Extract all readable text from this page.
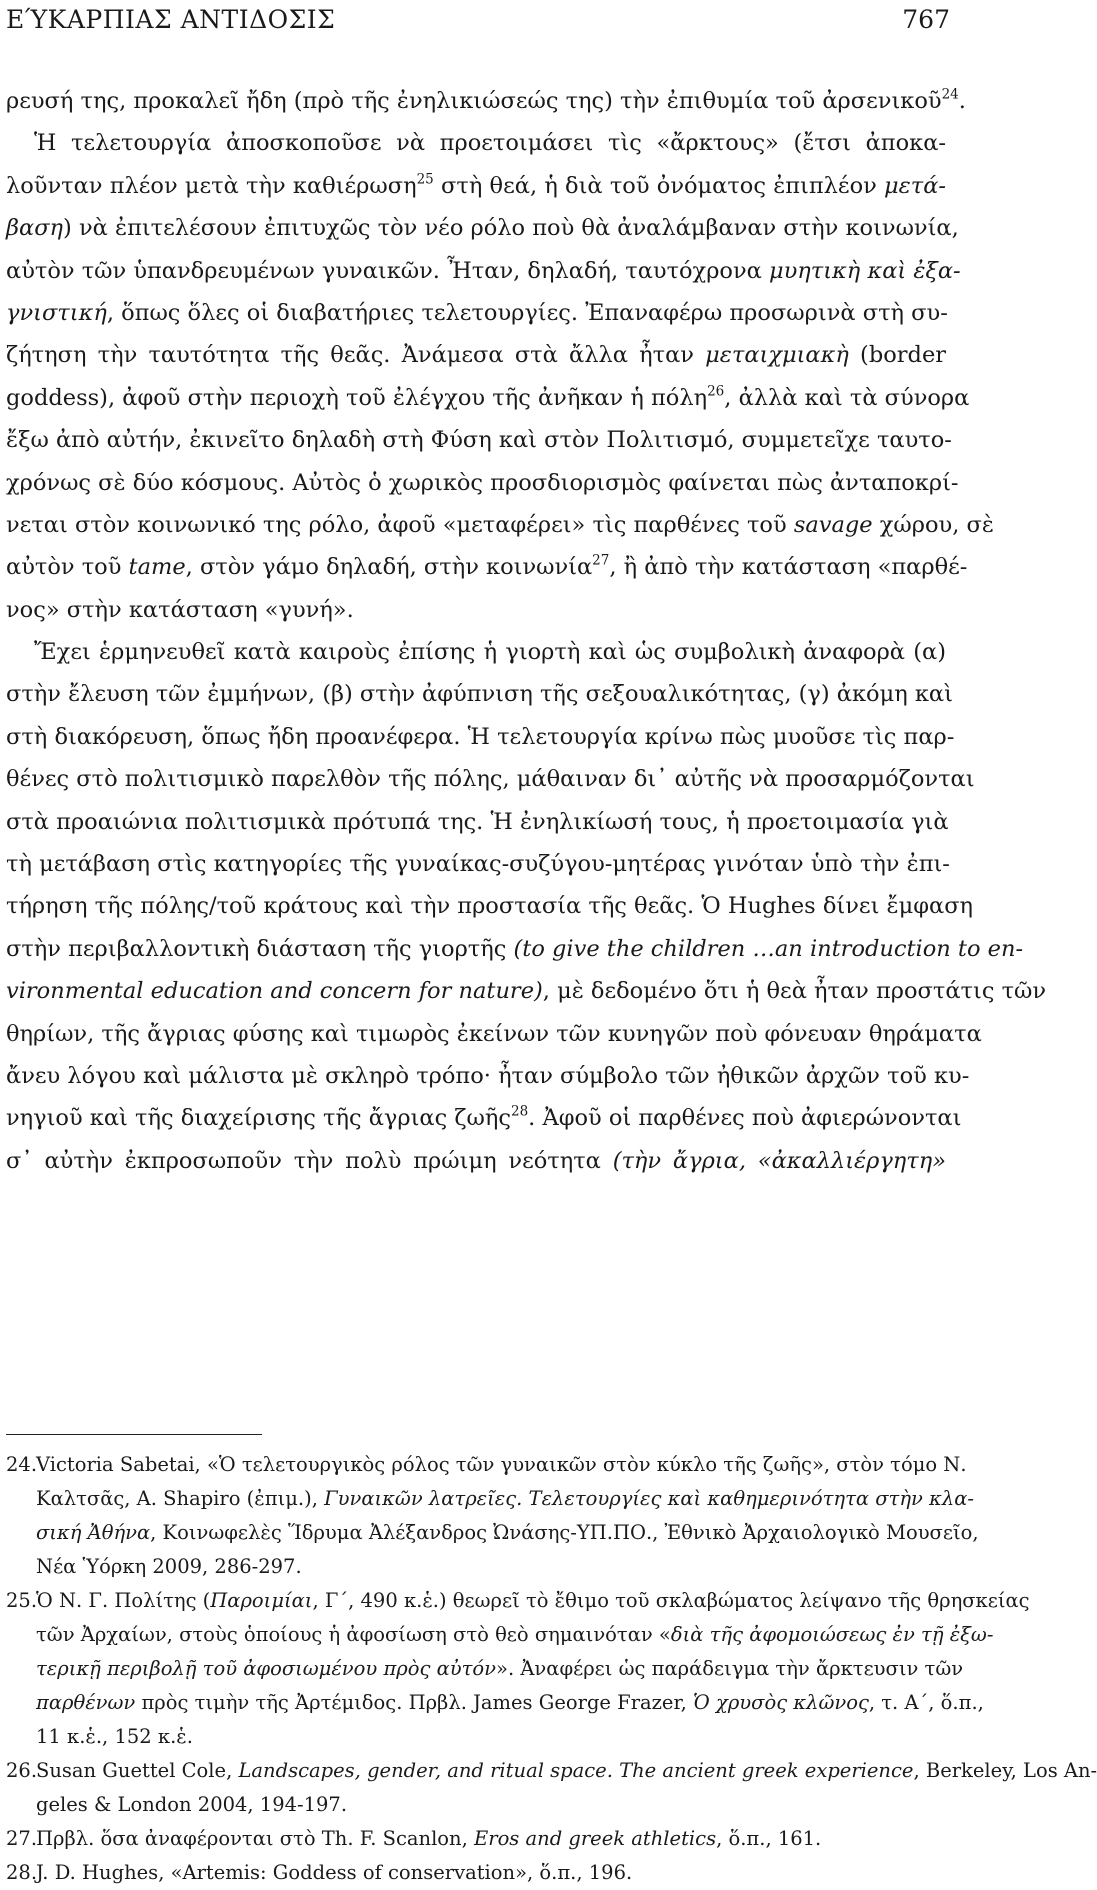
ΕΎΚΑΡΠΙΑΣ ΑΝΤΙΔΟΣΙΣ	767
ρευσή της, προκαλεῖ ἤδη (πρὸ τῆς ἐνηλικιώσεώς της) τὴν ἐπιθυμία τοῦ ἀρσενικοῦ$^{24}$.
Ἡ τελετουργία ἀποσκοποῦσε νὰ προετοιμάσει τὶς «ἄρκτους» (ἔτσι ἀποκα-
λοῦνταν πλέον μετὰ τὴν καθιέρωση$^{25}$ στὴ θεά, ἡ διὰ τοῦ ὀνόματος ἐπιπλέον μετά-
βαση) νὰ ἐπιτελέσουν ἐπιτυχῶς τὸν νέο ρόλο ποὺ θὰ ἀναλάμβαναν στὴν κοινωνία,
αὐτὸν τῶν ὑπανδρευμένων γυναικῶν. Ἦταν, δηλαδή, ταυτόχρονα μυητικὴ καὶ ἐξα-
γνιστική, ὅπως ὅλες οἱ διαβατήριες τελετουργίες. Ἐπαναφέρω προσωρινὰ στὴ συ-
ζήτηση τὴν ταυτότητα τῆς θεᾶς. Ἀνάμεσα στὰ ἄλλα ἦταν μεταιχμιακὴ (border
goddess), ἀφοῦ στὴν περιοχὴ τοῦ ἐλέγχου τῆς ἀνῆκαν ἡ πόλη$^{26}$, ἀλλὰ καὶ τὰ σύνορα
ἔξω ἀπὸ αὐτήν, ἐκινεῖτο δηλαδὴ στὴ Φύση καὶ στὸν Πολιτισμό, συμμετεῖχε ταυτο-
χρόνως σὲ δύο κόσμους. Αὐτὸς ὁ χωρικὸς προσδιορισμὸς φαίνεται πὼς ἀνταποκρί-
νεται στὸν κοινωνικό της ρόλο, ἀφοῦ «μεταφέρει» τὶς παρθένες τοῦ savage χώρου, σὲ
αὐτὸν τοῦ tame, στὸν γάμο δηλαδή, στὴν κοινωνία$^{27}$, ἢ ἀπὸ τὴν κατάσταση «παρθέ-
νος» στὴν κατάσταση «γυνή».
Ἔχει ἑρμηνευθεῖ κατὰ καιροὺς ἐπίσης ἡ γιορτὴ καὶ ὡς συμβολικὴ ἀναφορὰ (α)
στὴν ἔλευση τῶν ἐμμήνων, (β) στὴν ἀφύπνιση τῆς σεξουαλικότητας, (γ) ἀκόμη καὶ
στὴ διακόρευση, ὅπως ἤδη προανέφερα. Ἡ τελετουργία κρίνω πὼς μυοῦσε τὶς παρ-
θένες στὸ πολιτισμικὸ παρελθὸν τῆς πόλης, μάθαιναν δι᾽ αὐτῆς νὰ προσαρμόζονται
στὰ προαιώνια πολιτισμικὰ πρότυπά της. Ἡ ἐνηλικίωσή τους, ἡ προετοιμασία γιὰ
τὴ μετάβαση στὶς κατηγορίες τῆς γυναίκας-συζύγου-μητέρας γινόταν ὑπὸ τὴν ἐπι-
τήρηση τῆς πόλης/τοῦ κράτους καὶ τὴν προστασία τῆς θεᾶς. Ὁ Hughes δίνει ἔμφαση
στὴν περιβαλλοντικὴ διάσταση τῆς γιορτῆς (to give the children …an introduction to en-
vironmental education and concern for nature), μὲ δεδομένο ὅτι ἡ θεὰ ἦταν προστάτις τῶν
θηρίων, τῆς ἄγριας φύσης καὶ τιμωρὸς ἐκείνων τῶν κυνηγῶν ποὺ φόνευαν θηράματα
ἄνευ λόγου καὶ μάλιστα μὲ σκληρὸ τρόπο· ἦταν σύμβολο τῶν ἠθικῶν ἀρχῶν τοῦ κυ-
νηγιοῦ καὶ τῆς διαχείρισης τῆς ἄγριας ζωῆς$^{28}$. Ἀφοῦ οἱ παρθένες ποὺ ἀφιερώνονται
σ᾽ αὐτὴν ἐκπροσωποῦν τὴν πολὺ πρώιμη νεότητα (τὴν ἄγρια, «ἀκαλλιέργητη»
24.
Victoria Sabetai, «Ὁ τελετουργικὸς ρόλος τῶν γυναικῶν στὸν κύκλο τῆς ζωῆς», στὸν τόμο Ν.
Καλτσᾶς, A. Shapiro (ἐπιμ.), Γυναικῶν λατρεῖες. Τελετουργίες καὶ καθημερινότητα στὴν κλα-
σική Ἀθήνα, Κοινωφελὲς Ἵδρυμα Ἀλέξανδρος Ὠνάσης-ΥΠ.ΠΟ., Ἐθνικὸ Ἀρχαιολογικὸ Μουσεῖο,
Νέα Ὑόρκη 2009, 286-297.
25.
Ὁ Ν. Γ. Πολίτης (Παροιμίαι, Γ´, 490 κ.ἑ.) θεωρεῖ τὸ ἔθιμο τοῦ σκλαβώματος λείψανο τῆς θρησκείας
τῶν Ἀρχαίων, στοὺς ὁποίους ἡ ἀφοσίωση στὸ θεὸ σημαινόταν «διὰ τῆς ἀφομοιώσεως ἐν τῇ ἐξω-
τερικῇ περιβολῇ τοῦ ἀφοσιωμένου πρὸς αὐτόν». Ἀναφέρει ὡς παράδειγμα τὴν ἄρκτευσιν τῶν
παρθένων πρὸς τιμὴν τῆς Ἀρτέμιδος. Πρβλ. James George Frazer, Ὁ χρυσὸς κλῶνος, τ. Α´, ὅ.π.,
11 κ.ἑ., 152 κ.ἑ.
26.
Susan Guettel Cole, Landscapes, gender, and ritual space. The ancient greek experience, Berkeley, Los An-
geles & London 2004, 194-197.
27.
Πρβλ. ὅσα ἀναφέρονται στὸ Th. F. Scanlon, Eros and greek athletics, ὅ.π., 161.
28.
J. D. Hughes, «Artemis: Goddess of conservation», ὅ.π., 196.
